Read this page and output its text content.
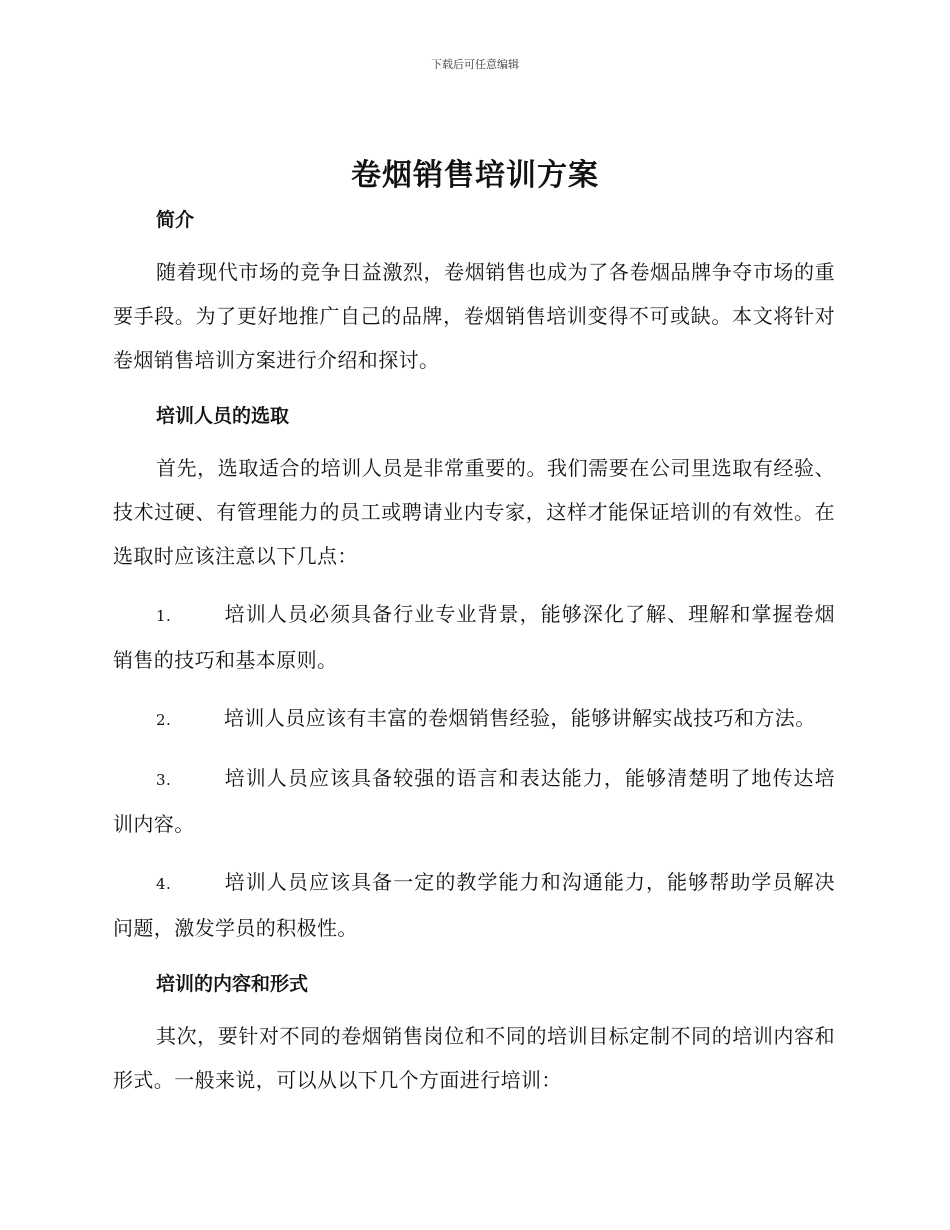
下载后可任意编辑
卷烟销售培训方案
简介

随着现代市场的竞争日益激烈，卷烟销售也成为了各卷烟品牌争夺市场的重要手段。为了更好地推广自己的品牌，卷烟销售培训变得不可或缺。本文将针对卷烟销售培训方案进行介绍和探讨。

培训人员的选取

首先，选取适合的培训人员是非常重要的。我们需要在公司里选取有经验、技术过硬、有管理能力的员工或聘请业内专家，这样才能保证培训的有效性。在选取时应该注意以下几点：

1.	培训人员必须具备行业专业背景，能够深化了解、理解和掌握卷烟销售的技巧和基本原则。

2.	培训人员应该有丰富的卷烟销售经验，能够讲解实战技巧和方法。

3.	培训人员应该具备较强的语言和表达能力，能够清楚明了地传达培训内容。

4.	培训人员应该具备一定的教学能力和沟通能力，能够帮助学员解决问题，激发学员的积极性。

培训的内容和形式

其次，要针对不同的卷烟销售岗位和不同的培训目标定制不同的培训内容和形式。一般来说，可以从以下几个方面进行培训：
